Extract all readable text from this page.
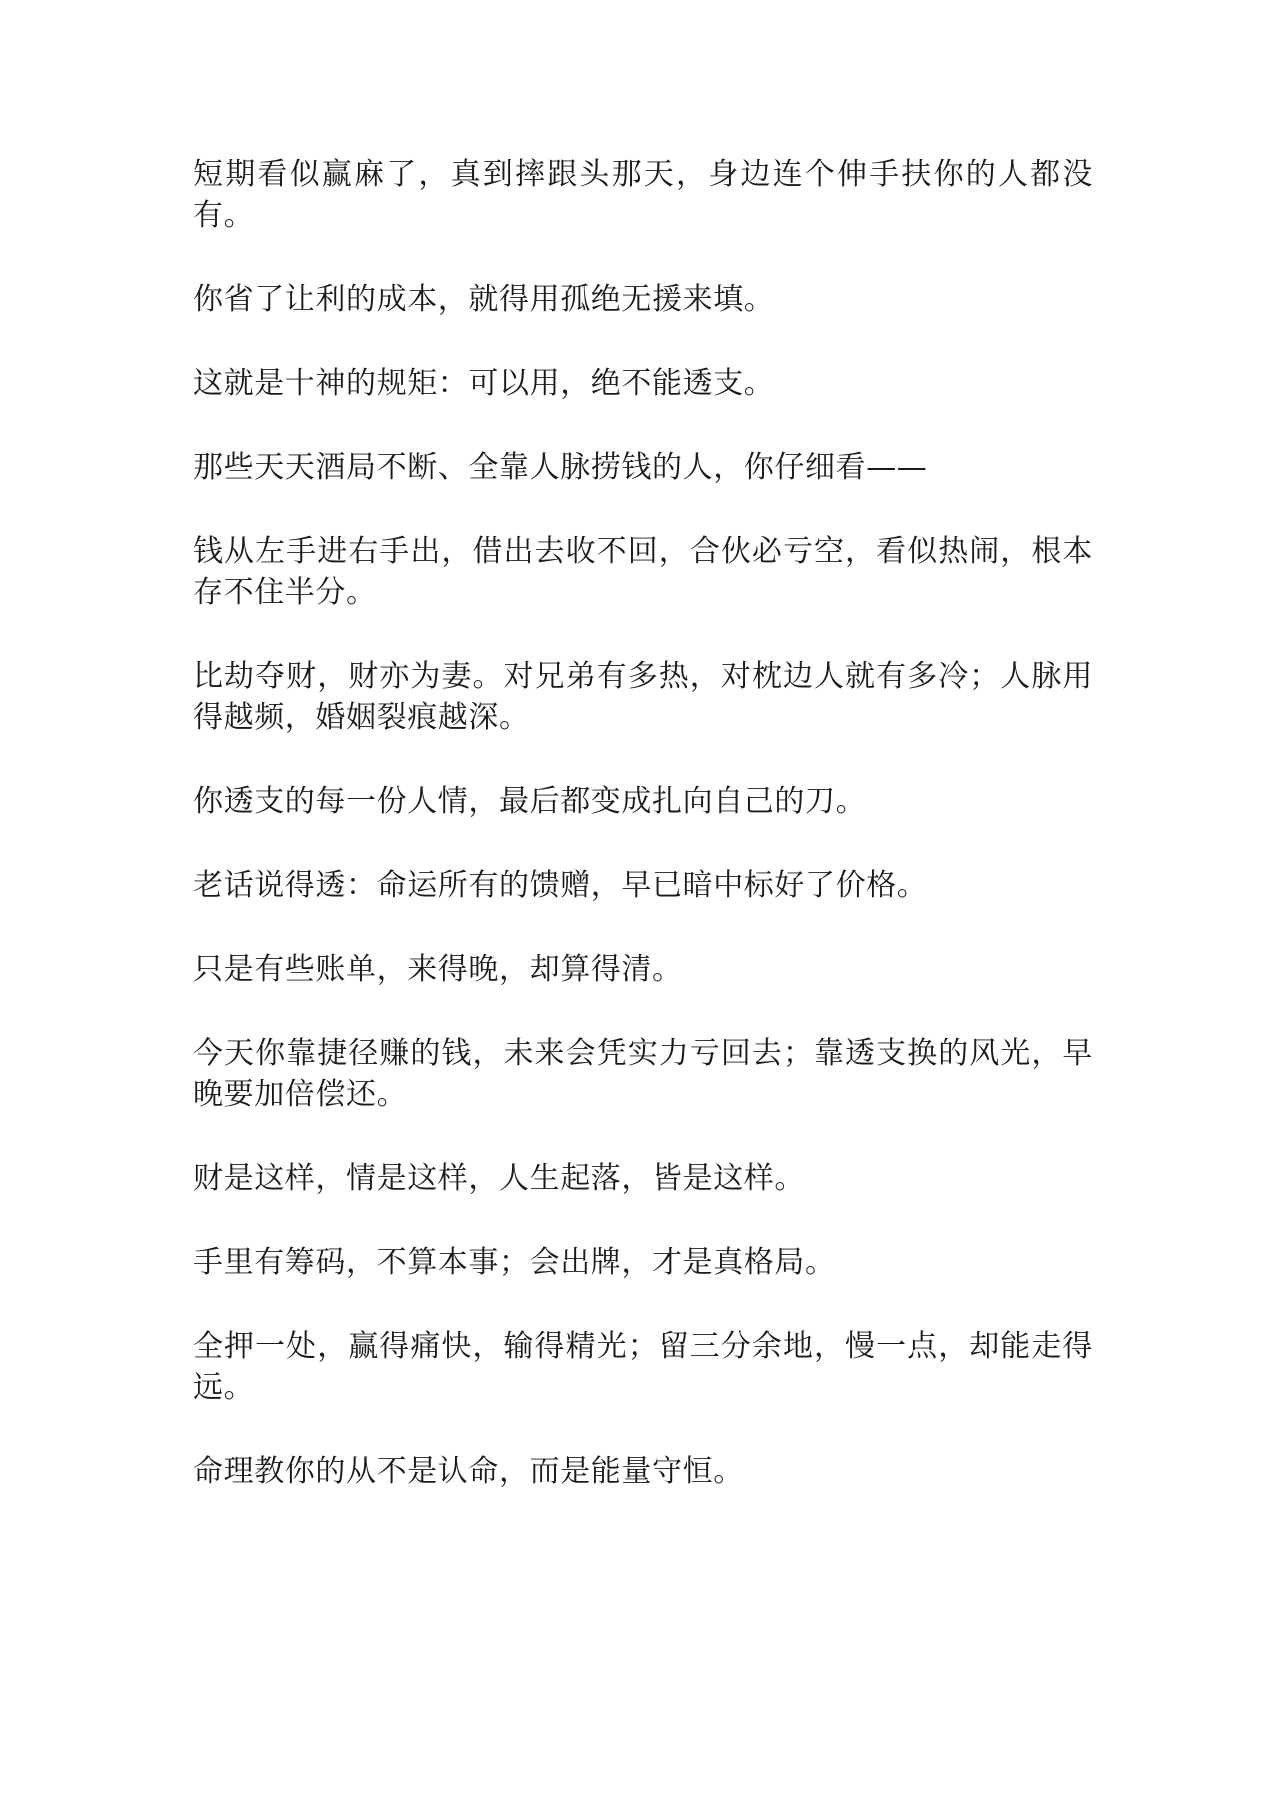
短期看似赢麻了，真到摔跟头那天，身边连个伸手扶你的人都没有。

你省了让利的成本，就得用孤绝无援来填。

这就是十神的规矩：可以用，绝不能透支。

那些天天酒局不断、全靠人脉捞钱的人，你仔细看——

钱从左手进右手出，借出去收不回，合伙必亏空，看似热闹，根本存不住半分。

比劫夺财，财亦为妻。对兄弟有多热，对枕边人就有多冷；人脉用得越频，婚姻裂痕越深。

你透支的每一份人情，最后都变成扎向自己的刀。

老话说得透：命运所有的馈赠，早已暗中标好了价格。

只是有些账单，来得晚，却算得清。

今天你靠捷径赚的钱，未来会凭实力亏回去；靠透支换的风光，早晚要加倍偿还。

财是这样，情是这样，人生起落，皆是这样。

手里有筹码，不算本事；会出牌，才是真格局。

全押一处，赢得痛快，输得精光；留三分余地，慢一点，却能走得远。

命理教你的从不是认命，而是能量守恒。
